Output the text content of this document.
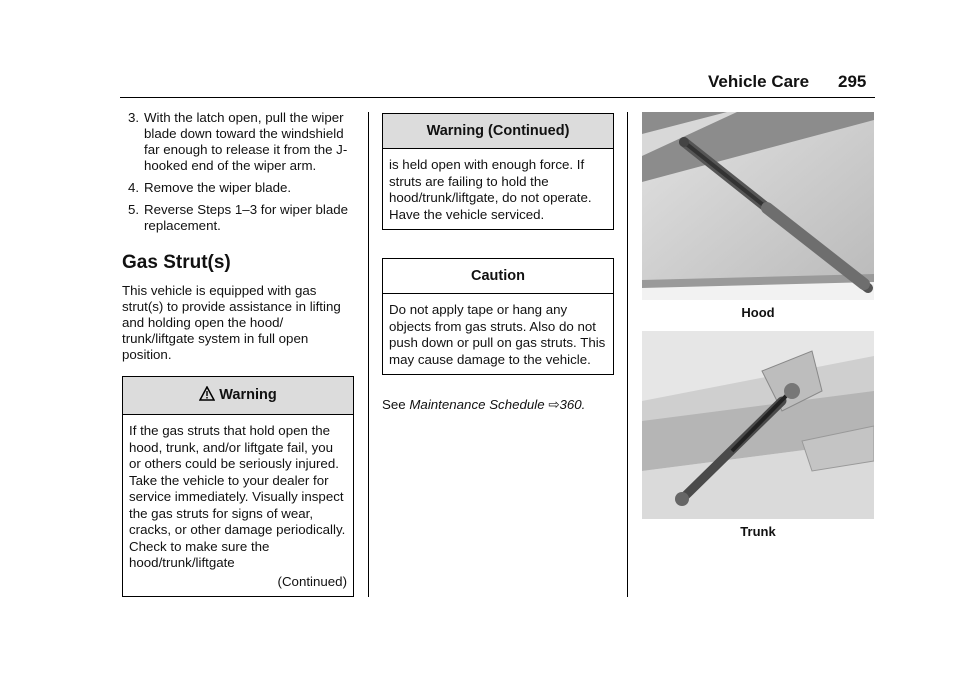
Vehicle Care 295
3. With the latch open, pull the wiper blade down toward the windshield far enough to release it from the J-hooked end of the wiper arm.
4. Remove the wiper blade.
5. Reverse Steps 1–3 for wiper blade replacement.
Gas Strut(s)
This vehicle is equipped with gas strut(s) to provide assistance in lifting and holding open the hood/ trunk/liftgate system in full open position.
Warning
If the gas struts that hold open the hood, trunk, and/or liftgate fail, you or others could be seriously injured. Take the vehicle to your dealer for service immediately. Visually inspect the gas struts for signs of wear, cracks, or other damage periodically. Check to make sure the hood/trunk/liftgate
(Continued)
Warning (Continued)
is held open with enough force. If struts are failing to hold the hood/trunk/liftgate, do not operate. Have the vehicle serviced.
Caution
Do not apply tape or hang any objects from gas struts. Also do not push down or pull on gas struts. This may cause damage to the vehicle.
See Maintenance Schedule ⇨360.
Hood
Trunk
